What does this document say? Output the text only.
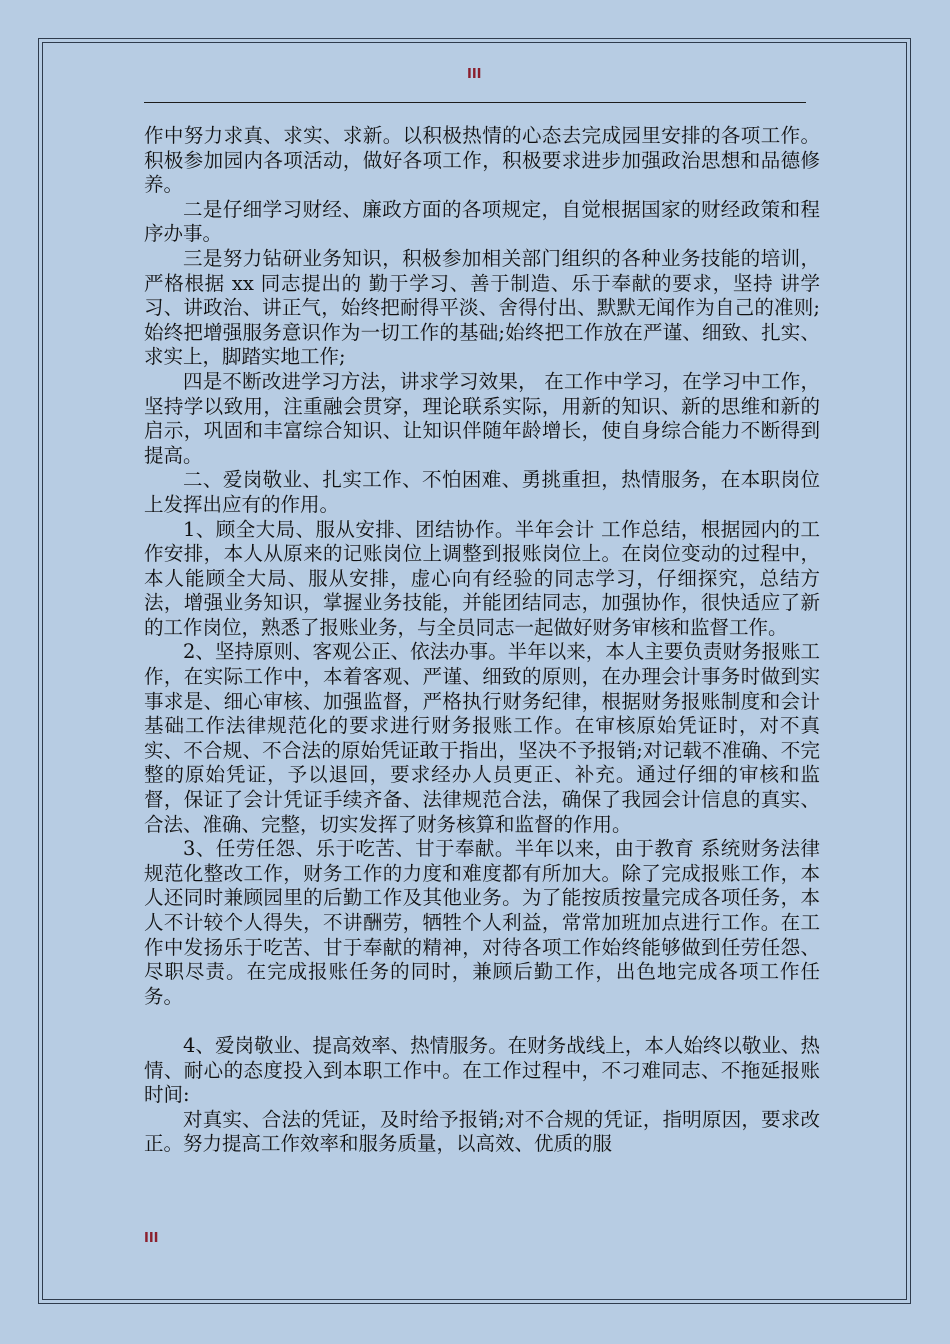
III

作中努力求真、求实、求新。以积极热情的心态去完成园里安排的各项工作。积极参加园内各项活动，做好各项工作，积极要求进步加强政治思想和品德修养。

二是仔细学习财经、廉政方面的各项规定，自觉根据国家的财经政策和程序办事。

三是努力钻研业务知识，积极参加相关部门组织的各种业务技能的培训，严格根据 xx 同志提出的 勤于学习、善于制造、乐于奉献的要求，坚持 讲学习、讲政治、讲正气，始终把耐得平淡、舍得付出、默默无闻作为自己的准则;始终把增强服务意识作为一切工作的基础;始终把工作放在严谨、细致、扎实、求实上，脚踏实地工作;

四是不断改进学习方法，讲求学习效果， 在工作中学习，在学习中工作，坚持学以致用，注重融会贯穿，理论联系实际，用新的知识、新的思维和新的启示，巩固和丰富综合知识、让知识伴随年龄增长，使自身综合能力不断得到提高。

二、爱岗敬业、扎实工作、不怕困难、勇挑重担，热情服务，在本职岗位上发挥出应有的作用。

1、顾全大局、服从安排、团结协作。半年会计 工作总结，根据园内的工作安排，本人从原来的记账岗位上调整到报账岗位上。在岗位变动的过程中，本人能顾全大局、服从安排，虚心向有经验的同志学习，仔细探究，总结方法，增强业务知识，掌握业务技能，并能团结同志，加强协作，很快适应了新的工作岗位，熟悉了报账业务，与全员同志一起做好财务审核和监督工作。

2、坚持原则、客观公正、依法办事。半年以来，本人主要负责财务报账工作，在实际工作中，本着客观、严谨、细致的原则，在办理会计事务时做到实事求是、细心审核、加强监督，严格执行财务纪律，根据财务报账制度和会计基础工作法律规范化的要求进行财务报账工作。在审核原始凭证时，对不真实、不合规、不合法的原始凭证敢于指出，坚决不予报销;对记载不准确、不完整的原始凭证，予以退回，要求经办人员更正、补充。通过仔细的审核和监督，保证了会计凭证手续齐备、法律规范合法，确保了我园会计信息的真实、合法、准确、完整，切实发挥了财务核算和监督的作用。

3、任劳任怨、乐于吃苦、甘于奉献。半年以来，由于教育 系统财务法律规范化整改工作，财务工作的力度和难度都有所加大。除了完成报账工作，本人还同时兼顾园里的后勤工作及其他业务。为了能按质按量完成各项任务，本人不计较个人得失，不讲酬劳，牺牲个人利益，常常加班加点进行工作。在工作中发扬乐于吃苦、甘于奉献的精神，对待各项工作始终能够做到任劳任怨、尽职尽责。在完成报账任务的同时，兼顾后勤工作，出色地完成各项工作任务。

4、爱岗敬业、提高效率、热情服务。在财务战线上，本人始终以敬业、热情、耐心的态度投入到本职工作中。在工作过程中，不刁难同志、不拖延报账时间:

对真实、合法的凭证，及时给予报销;对不合规的凭证，指明原因，要求改正。努力提高工作效率和服务质量，以高效、优质的服

III
